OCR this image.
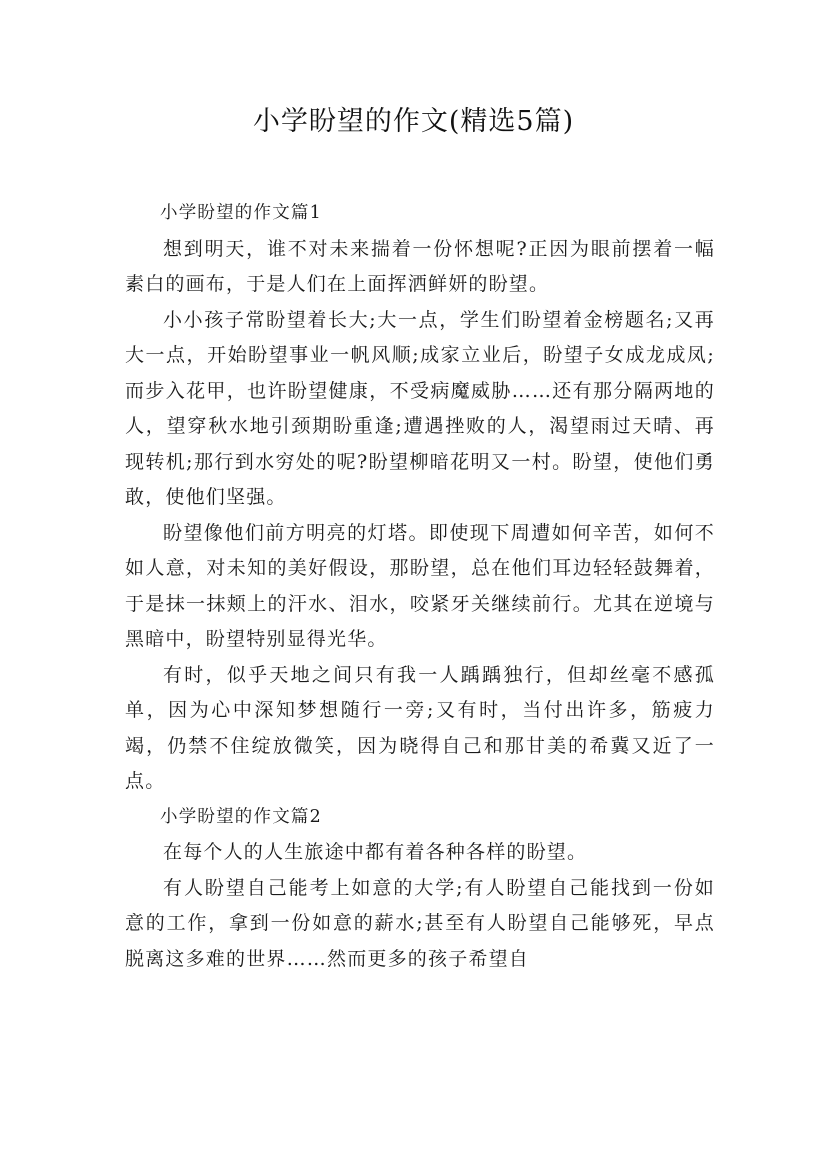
小学盼望的作文(精选5篇)

小学盼望的作文篇1

想到明天，谁不对未来揣着一份怀想呢?正因为眼前摆着一幅素白的画布，于是人们在上面挥洒鲜妍的盼望。

小小孩子常盼望着长大;大一点，学生们盼望着金榜题名;又再大一点，开始盼望事业一帆风顺;成家立业后，盼望子女成龙成凤;而步入花甲，也许盼望健康，不受病魔威胁……还有那分隔两地的人，望穿秋水地引颈期盼重逢;遭遇挫败的人，渴望雨过天晴、再现转机;那行到水穷处的呢?盼望柳暗花明又一村。盼望，使他们勇敢，使他们坚强。

盼望像他们前方明亮的灯塔。即使现下周遭如何辛苦，如何不如人意，对未知的美好假设，那盼望，总在他们耳边轻轻鼓舞着，于是抹一抹颊上的汗水、泪水，咬紧牙关继续前行。尤其在逆境与黑暗中，盼望特别显得光华。

有时，似乎天地之间只有我一人踽踽独行，但却丝毫不感孤单，因为心中深知梦想随行一旁;又有时，当付出许多，筋疲力竭，仍禁不住绽放微笑，因为晓得自己和那甘美的希冀又近了一点。

小学盼望的作文篇2

在每个人的人生旅途中都有着各种各样的盼望。

有人盼望自己能考上如意的大学;有人盼望自己能找到一份如意的工作，拿到一份如意的薪水;甚至有人盼望自己能够死，早点脱离这多难的世界……然而更多的孩子希望自
